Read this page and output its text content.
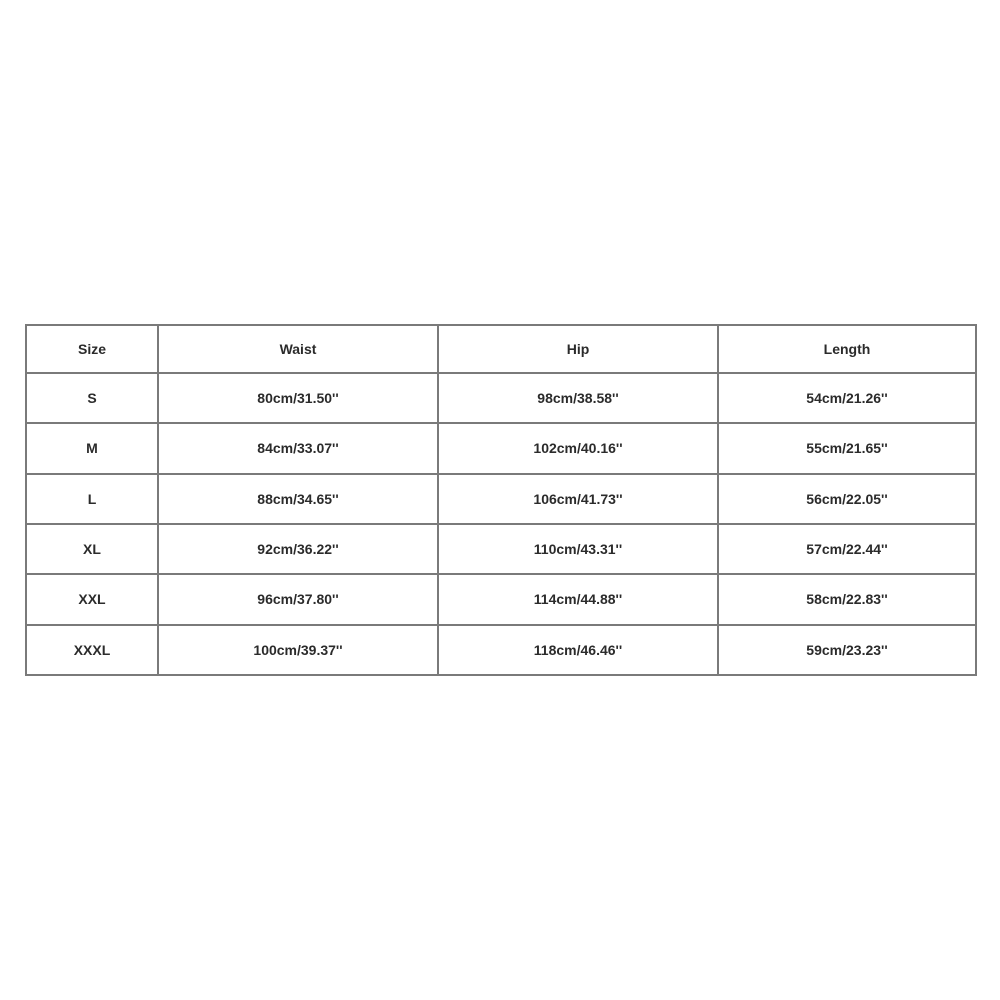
Size	Waist	Hip	Length
S	80cm/31.50''	98cm/38.58''	54cm/21.26''
M	84cm/33.07''	102cm/40.16''	55cm/21.65''
L	88cm/34.65''	106cm/41.73''	56cm/22.05''
XL	92cm/36.22''	110cm/43.31''	57cm/22.44''
XXL	96cm/37.80''	114cm/44.88''	58cm/22.83''
XXXL	100cm/39.37''	118cm/46.46''	59cm/23.23''
